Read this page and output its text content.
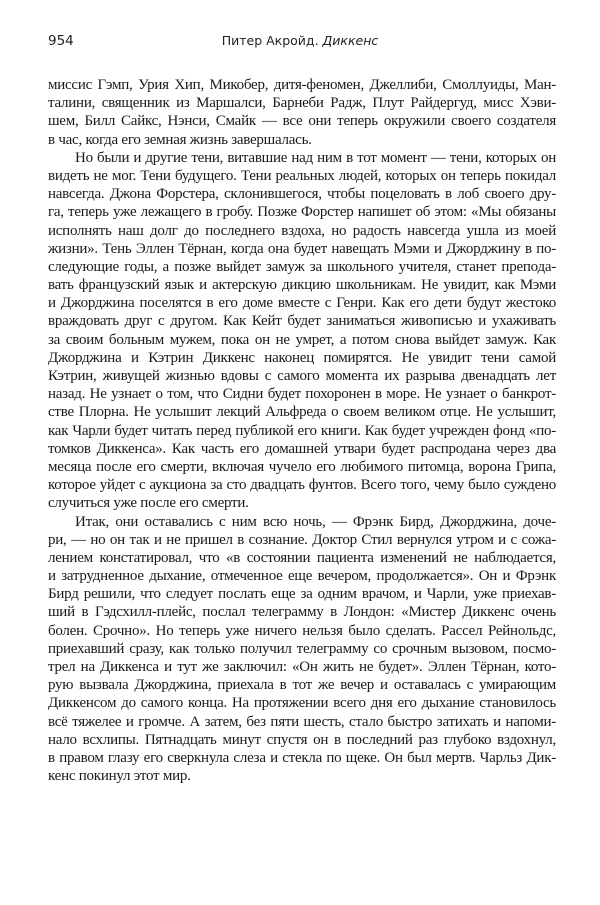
954	Питер Акройд. Диккенс
миссис Гэмп, Урия Хип, Микобер, дитя-феномен, Джеллиби, Смоллуиды, Ман-
талини, священник из Маршалси, Барнеби Радж, Плут Райдергуд, мисс Хэви-
шем, Билл Сайкс, Нэнси, Смайк — все они теперь окружили своего создателя
в час, когда его земная жизнь завершалась.
Но были и другие тени, витавшие над ним в тот момент — тени, которых он
видеть не мог. Тени будущего. Тени реальных людей, которых он теперь покидал
навсегда. Джона Форстера, склонившегося, чтобы поцеловать в лоб своего дру-
га, теперь уже лежащего в гробу. Позже Форстер напишет об этом: «Мы обязаны
исполнять наш долг до последнего вздоха, но радость навсегда ушла из моей
жизни». Тень Эллен Тёрнан, когда она будет навещать Мэми и Джорджину в по-
следующие годы, а позже выйдет замуж за школьного учителя, станет препода-
вать французский язык и актерскую дикцию школьникам. Не увидит, как Мэми
и Джорджина поселятся в его доме вместе с Генри. Как его дети будут жестоко
враждовать друг с другом. Как Кейт будет заниматься живописью и ухаживать
за своим больным мужем, пока он не умрет, а потом снова выйдет замуж. Как
Джорджина и Кэтрин Диккенс наконец помирятся. Не увидит тени самой
Кэтрин, живущей жизнью вдовы с самого момента их разрыва двенадцать лет
назад. Не узнает о том, что Сидни будет похоронен в море. Не узнает о банкрот-
стве Плорна. Не услышит лекций Альфреда о своем великом отце. Не услышит,
как Чарли будет читать перед публикой его книги. Как будет учрежден фонд «по-
томков Диккенса». Как часть его домашней утвари будет распродана через два
месяца после его смерти, включая чучело его любимого питомца, ворона Грипа,
которое уйдет с аукциона за сто двадцать фунтов. Всего того, чему было суждено
случиться уже после его смерти.
Итак, они оставались с ним всю ночь, — Фрэнк Бирд, Джорджина, доче-
ри, — но он так и не пришел в сознание. Доктор Стил вернулся утром и с сожа-
лением констатировал, что «в состоянии пациента изменений не наблюдается,
и затрудненное дыхание, отмеченное еще вечером, продолжается». Он и Фрэнк
Бирд решили, что следует послать еще за одним врачом, и Чарли, уже приехав-
ший в Гэдсхилл-плейс, послал телеграмму в Лондон: «Мистер Диккенс очень
болен. Срочно». Но теперь уже ничего нельзя было сделать. Рассел Рейнольдс,
приехавший сразу, как только получил телеграмму со срочным вызовом, посмо-
трел на Диккенса и тут же заключил: «Он жить не будет». Эллен Тёрнан, кото-
рую вызвала Джорджина, приехала в тот же вечер и оставалась с умирающим
Диккенсом до самого конца. На протяжении всего дня его дыхание становилось
всё тяжелее и громче. А затем, без пяти шесть, стало быстро затихать и напоми-
нало всхлипы. Пятнадцать минут спустя он в последний раз глубоко вздохнул,
в правом глазу его сверкнула слеза и стекла по щеке. Он был мертв. Чарльз Дик-
кенс покинул этот мир.
